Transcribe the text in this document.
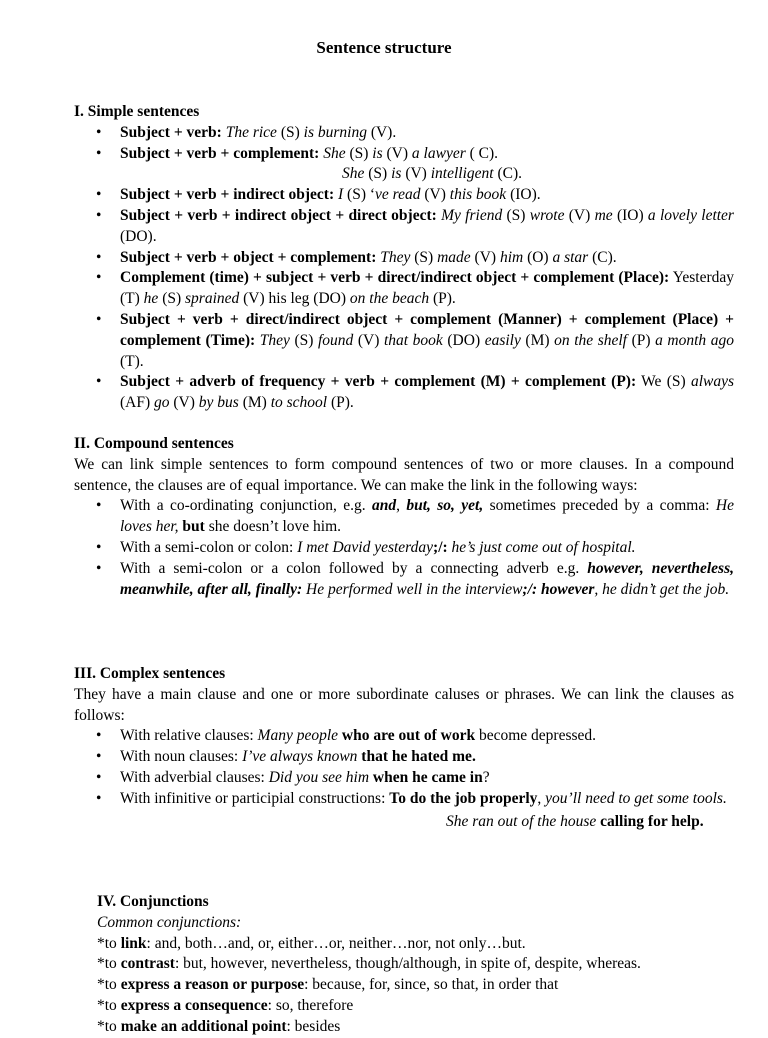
Sentence structure
I. Simple sentences
• Subject + verb: The rice (S) is burning (V).
• Subject + verb + complement: She (S) is (V) a lawyer ( C).
She (S) is (V) intelligent (C).
• Subject + verb + indirect object: I (S) ‘ve read (V) this book (IO).
• Subject + verb + indirect object + direct object: My friend (S) wrote (V) me (IO) a lovely letter (DO).
• Subject + verb + object + complement: They (S) made (V) him (O) a star (C).
• Complement (time) + subject + verb + direct/indirect object + complement (Place): Yesterday (T) he (S) sprained (V) his leg (DO) on the beach (P).
• Subject + verb + direct/indirect object + complement (Manner) + complement (Place) + complement (Time): They (S) found (V) that book (DO) easily (M) on the shelf (P) a month ago (T).
• Subject + adverb of frequency + verb + complement (M) + complement (P): We (S) always (AF) go (V) by bus (M) to school (P).
II. Compound sentences
We can link simple sentences to form compound sentences of two or more clauses. In a compound sentence, the clauses are of equal importance. We can make the link in the following ways:
• With a co-ordinating conjunction, e.g. and, but, so, yet, sometimes preceded by a comma: He loves her, but she doesn’t love him.
• With a semi-colon or colon: I met David yesterday;/: he’s just come out of hospital.
• With a semi-colon or a colon followed by a connecting adverb e.g. however, nevertheless, meanwhile, after all, finally: He performed well in the interview;/: however, he didn’t get the job.
III. Complex sentences
They have a main clause and one or more subordinate caluses or phrases. We can link the clauses as follows:
• With relative clauses: Many people who are out of work become depressed.
• With noun clauses: I’ve always known that he hated me.
• With adverbial clauses: Did you see him when he came in?
• With infinitive or participial constructions: To do the job properly, you’ll need to get some tools.
She ran out of the house calling for help.
IV. Conjunctions
Common conjunctions:
*to link: and, both…and, or, either…or, neither…nor, not only…but.
*to contrast: but, however, nevertheless, though/although, in spite of, despite, whereas.
*to express a reason or purpose: because, for, since, so that, in order that
*to express a consequence: so, therefore
*to make an additional point: besides
